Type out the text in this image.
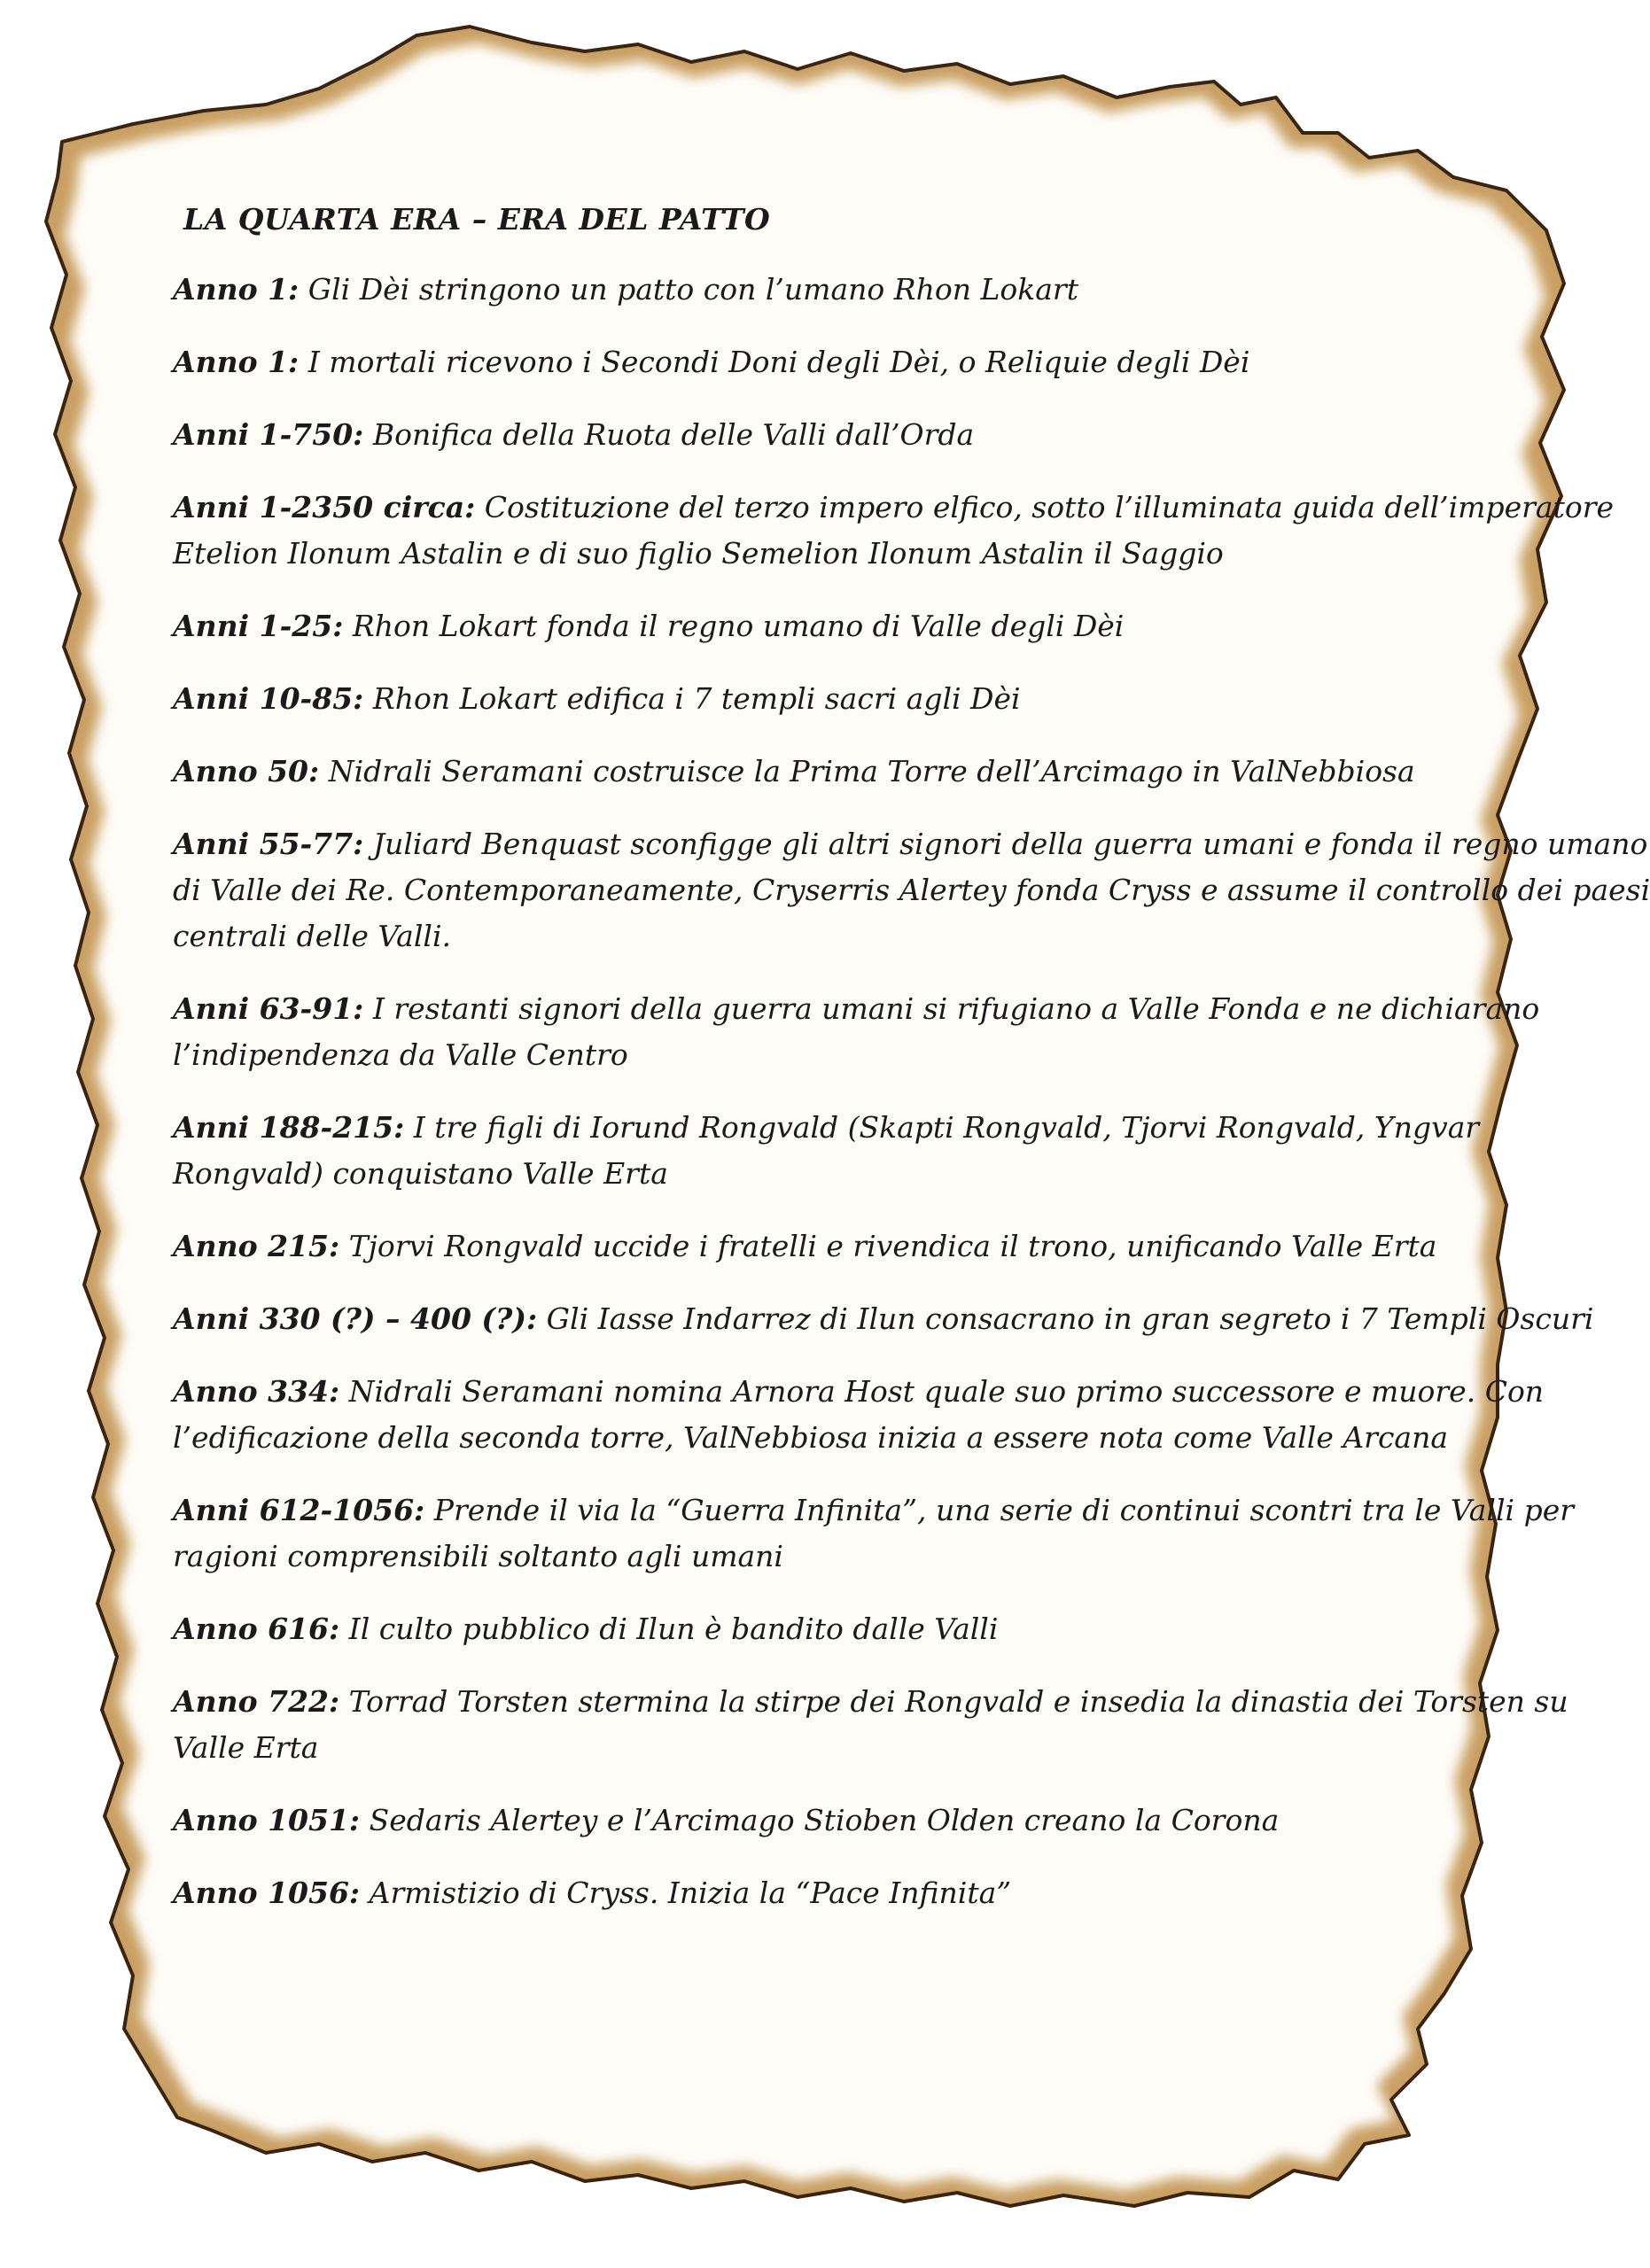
LA QUARTA ERA – ERA DEL PATTO
Anno 1: Gli Dèi stringono un patto con l’umano Rhon Lokart
Anno 1: I mortali ricevono i Secondi Doni degli Dèi, o Reliquie degli Dèi
Anni 1-750: Bonifica della Ruota delle Valli dall’Orda
Anni 1-2350 circa: Costituzione del terzo impero elfico, sotto l’illuminata guida dell’imperatore
Etelion Ilonum Astalin e di suo figlio Semelion Ilonum Astalin il Saggio
Anni 1-25: Rhon Lokart fonda il regno umano di Valle degli Dèi
Anni 10-85: Rhon Lokart edifica i 7 templi sacri agli Dèi
Anno 50: Nidrali Seramani costruisce la Prima Torre dell’Arcimago in ValNebbiosa
Anni 55-77: Juliard Benquast sconfigge gli altri signori della guerra umani e fonda il regno umano
di Valle dei Re. Contemporaneamente, Cryserris Alertey fonda Cryss e assume il controllo dei paesi
centrali delle Valli.
Anni 63-91: I restanti signori della guerra umani si rifugiano a Valle Fonda e ne dichiarano
l’indipendenza da Valle Centro
Anni 188-215: I tre figli di Iorund Rongvald (Skapti Rongvald, Tjorvi Rongvald, Yngvar
Rongvald) conquistano Valle Erta
Anno 215: Tjorvi Rongvald uccide i fratelli e rivendica il trono, unificando Valle Erta
Anni 330 (?) – 400 (?): Gli Iasse Indarrez di Ilun consacrano in gran segreto i 7 Templi Oscuri
Anno 334: Nidrali Seramani nomina Arnora Host quale suo primo successore e muore. Con
l’edificazione della seconda torre, ValNebbiosa inizia a essere nota come Valle Arcana
Anni 612-1056: Prende il via la “Guerra Infinita”, una serie di continui scontri tra le Valli per
ragioni comprensibili soltanto agli umani
Anno 616: Il culto pubblico di Ilun è bandito dalle Valli
Anno 722: Torrad Torsten stermina la stirpe dei Rongvald e insedia la dinastia dei Torsten su
Valle Erta
Anno 1051: Sedaris Alertey e l’Arcimago Stioben Olden creano la Corona
Anno 1056: Armistizio di Cryss. Inizia la “Pace Infinita”
